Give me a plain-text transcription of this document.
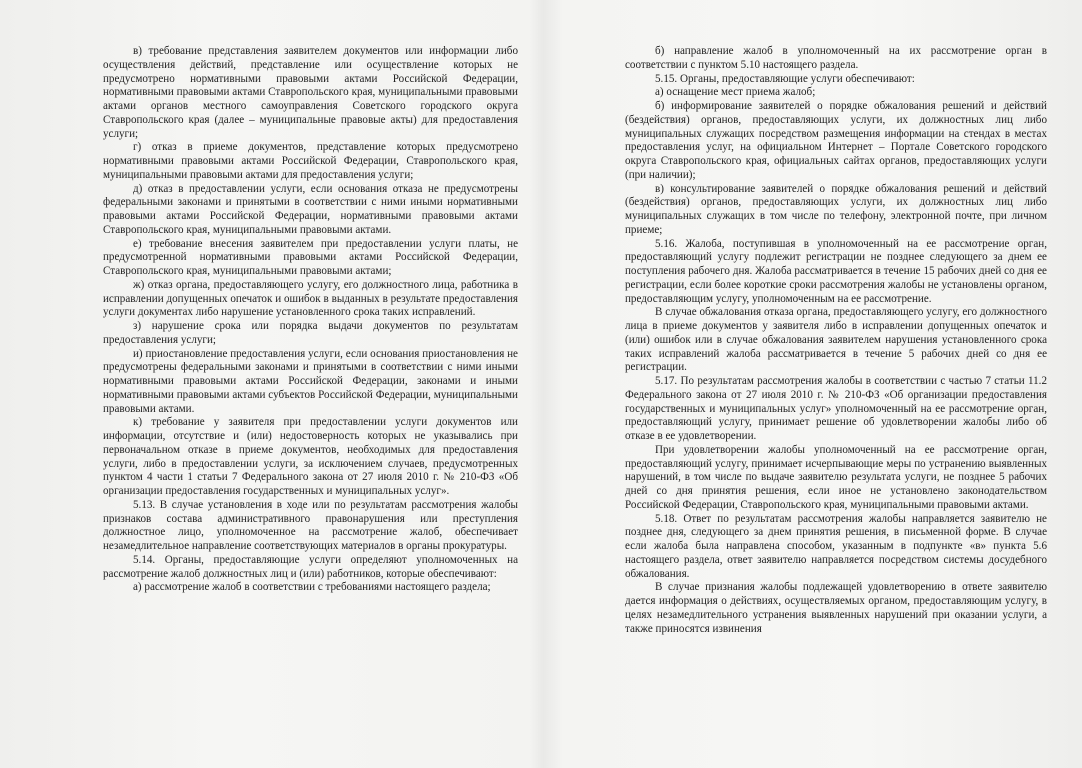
в) требование представления заявителем документов или информации либо осуществления действий, представление или осуществление которых не предусмотрено нормативными правовыми актами Российской Федерации, нормативными правовыми актами Ставропольского края, муниципальными правовыми актами органов местного самоуправления Советского городского округа Ставропольского края (далее – муниципальные правовые акты) для предоставления услуги;

г) отказ в приеме документов, представление которых предусмотрено нормативными правовыми актами Российской Федерации, Ставропольского края, муниципальными правовыми актами для предоставления услуги;

д) отказ в предоставлении услуги, если основания отказа не предусмотрены федеральными законами и принятыми в соответствии с ними иными нормативными правовыми актами Российской Федерации, нормативными правовыми актами Ставропольского края, муниципальными правовыми актами.

е) требование внесения заявителем при предоставлении услуги платы, не предусмотренной нормативными правовыми актами Российской Федерации, Ставропольского края, муниципальными правовыми актами;

ж) отказ органа, предоставляющего услугу, его должностного лица, работника в исправлении допущенных опечаток и ошибок в выданных в результате предоставления услуги документах либо нарушение установленного срока таких исправлений.

з) нарушение срока или порядка выдачи документов по результатам предоставления услуги;

и) приостановление предоставления услуги, если основания приостановления не предусмотрены федеральными законами и принятыми в соответствии с ними иными нормативными правовыми актами Российской Федерации, законами и иными нормативными правовыми актами субъектов Российской Федерации, муниципальными правовыми актами.

к) требование у заявителя при предоставлении услуги документов или информации, отсутствие и (или) недостоверность которых не указывались при первоначальном отказе в приеме документов, необходимых для предоставления услуги, либо в предоставлении услуги, за исключением случаев, предусмотренных пунктом 4 части 1 статьи 7 Федерального закона от 27 июля 2010 г. № 210-ФЗ «Об организации предоставления государственных и муниципальных услуг».

5.13. В случае установления в ходе или по результатам рассмотрения жалобы признаков состава административного правонарушения или преступления должностное лицо, уполномоченное на рассмотрение жалоб, обеспечивает незамедлительное направление соответствующих материалов в органы прокуратуры.

5.14. Органы, предоставляющие услуги определяют уполномоченных на рассмотрение жалоб должностных лиц и (или) работников, которые обеспечивают:

а) рассмотрение жалоб в соответствии с требованиями настоящего раздела;

б) направление жалоб в уполномоченный на их рассмотрение орган в соответствии с пунктом 5.10 настоящего раздела.

5.15. Органы, предоставляющие услуги обеспечивают:

а) оснащение мест приема жалоб;

б) информирование заявителей о порядке обжалования решений и действий (бездействия) органов, предоставляющих услуги, их должностных лиц либо муниципальных служащих посредством размещения информации на стендах в местах предоставления услуг, на официальном Интернет – Портале Советского городского округа Ставропольского края, официальных сайтах органов, предоставляющих услуги (при наличии);

в) консультирование заявителей о порядке обжалования решений и действий (бездействия) органов, предоставляющих услуги, их должностных лиц либо муниципальных служащих в том числе по телефону, электронной почте, при личном приеме;

5.16. Жалоба, поступившая в уполномоченный на ее рассмотрение орган, предоставляющий услугу подлежит регистрации не позднее следующего за днем ее поступления рабочего дня. Жалоба рассматривается в течение 15 рабочих дней со дня ее регистрации, если более короткие сроки рассмотрения жалобы не установлены органом, предоставляющим услугу, уполномоченным на ее рассмотрение.

В случае обжалования отказа органа, предоставляющего услугу, его должностного лица в приеме документов у заявителя либо в исправлении допущенных опечаток и (или) ошибок или в случае обжалования заявителем нарушения установленного срока таких исправлений жалоба рассматривается в течение 5 рабочих дней со дня ее регистрации.

5.17. По результатам рассмотрения жалобы в соответствии с частью 7 статьи 11.2 Федерального закона от 27 июля 2010 г. № 210-ФЗ «Об организации предоставления государственных и муниципальных услуг» уполномоченный на ее рассмотрение орган, предоставляющий услугу, принимает решение об удовлетворении жалобы либо об отказе в ее удовлетворении.

При удовлетворении жалобы уполномоченный на ее рассмотрение орган, предоставляющий услугу, принимает исчерпывающие меры по устранению выявленных нарушений, в том числе по выдаче заявителю результата услуги, не позднее 5 рабочих дней со дня принятия решения, если иное не установлено законодательством Российской Федерации, Ставропольского края, муниципальными правовыми актами.

5.18. Ответ по результатам рассмотрения жалобы направляется заявителю не позднее дня, следующего за днем принятия решения, в письменной форме. В случае если жалоба была направлена способом, указанным в подпункте «в» пункта 5.6 настоящего раздела, ответ заявителю направляется посредством системы досудебного обжалования.

В случае признания жалобы подлежащей удовлетворению в ответе заявителю дается информация о действиях, осуществляемых органом, предоставляющим услугу, в целях незамедлительного устранения выявленных нарушений при оказании услуги, а также приносятся извинения
